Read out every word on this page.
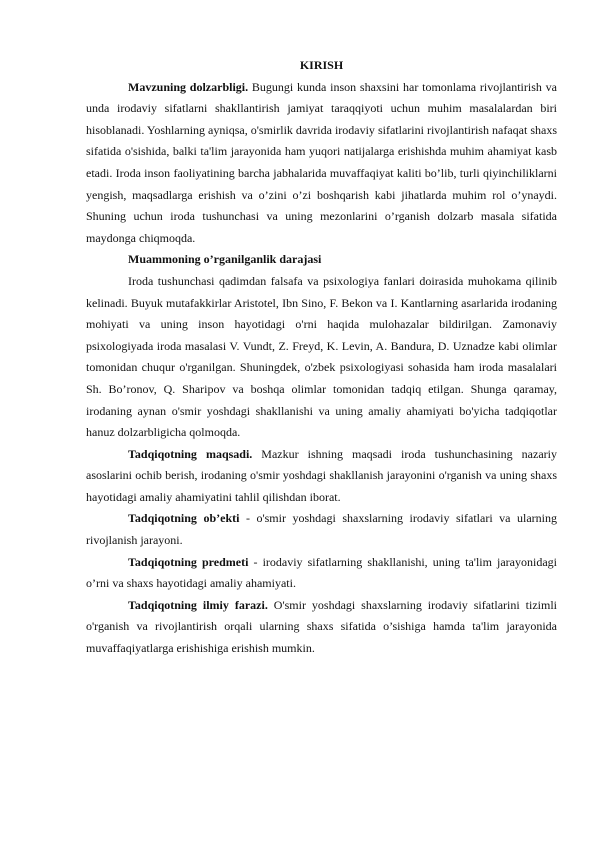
KIRISH

Mavzuning dolzarbligi. Bugungi kunda inson shaxsini har tomonlama rivojlantirish va unda irodaviy sifatlarni shakllantirish jamiyat taraqqiyoti uchun muhim masalalardan biri hisoblanadi. Yoshlarning ayniqsa, o'smirlik davrida irodaviy sifatlarini rivojlantirish nafaqat shaxs sifatida o'sishida, balki ta'lim jarayonida ham yuqori natijalarga erishishda muhim ahamiyat kasb etadi. Iroda inson faoliyatining barcha jabhalarida muvaffaqiyat kaliti bo’lib, turli qiyinchiliklarni yengish, maqsadlarga erishish va o’zini o’zi boshqarish kabi jihatlarda muhim rol o’ynaydi. Shuning uchun iroda tushunchasi va uning mezonlarini o’rganish dolzarb masala sifatida maydonga chiqmoqda.

Muammoning o’rganilganlik darajasi

Iroda tushunchasi qadimdan falsafa va psixologiya fanlari doirasida muhokama qilinib kelinadi. Buyuk mutafakkirlar Aristotel, Ibn Sino, F. Bekon va I. Kantlarning asarlarida irodaning mohiyati va uning inson hayotidagi o'rni haqida mulohazalar bildirilgan. Zamonaviy psixologiyada iroda masalasi V. Vundt, Z. Freyd, K. Levin, A. Bandura, D. Uznadze kabi olimlar tomonidan chuqur o'rganilgan. Shuningdek, o'zbek psixologiyasi sohasida ham iroda masalalari Sh. Bo’ronov, Q. Sharipov va boshqa olimlar tomonidan tadqiq etilgan. Shunga qaramay, irodaning aynan o'smir yoshdagi shakllanishi va uning amaliy ahamiyati bo'yicha tadqiqotlar hanuz dolzarbligicha qolmoqda.

Tadqiqotning maqsadi. Mazkur ishning maqsadi iroda tushunchasining nazariy asoslarini ochib berish, irodaning o'smir yoshdagi shakllanish jarayonini o'rganish va uning shaxs hayotidagi amaliy ahamiyatini tahlil qilishdan iborat.

Tadqiqotning ob’ekti - o'smir yoshdagi shaxslarning irodaviy sifatlari va ularning rivojlanish jarayoni.

Tadqiqotning predmeti - irodaviy sifatlarning shakllanishi, uning ta'lim jarayonidagi o’rni va shaxs hayotidagi amaliy ahamiyati.

Tadqiqotning ilmiy farazi. O'smir yoshdagi shaxslarning irodaviy sifatlarini tizimli o'rganish va rivojlantirish orqali ularning shaxs sifatida o’sishiga hamda ta'lim jarayonida muvaffaqiyatlarga erishishiga erishish mumkin.
